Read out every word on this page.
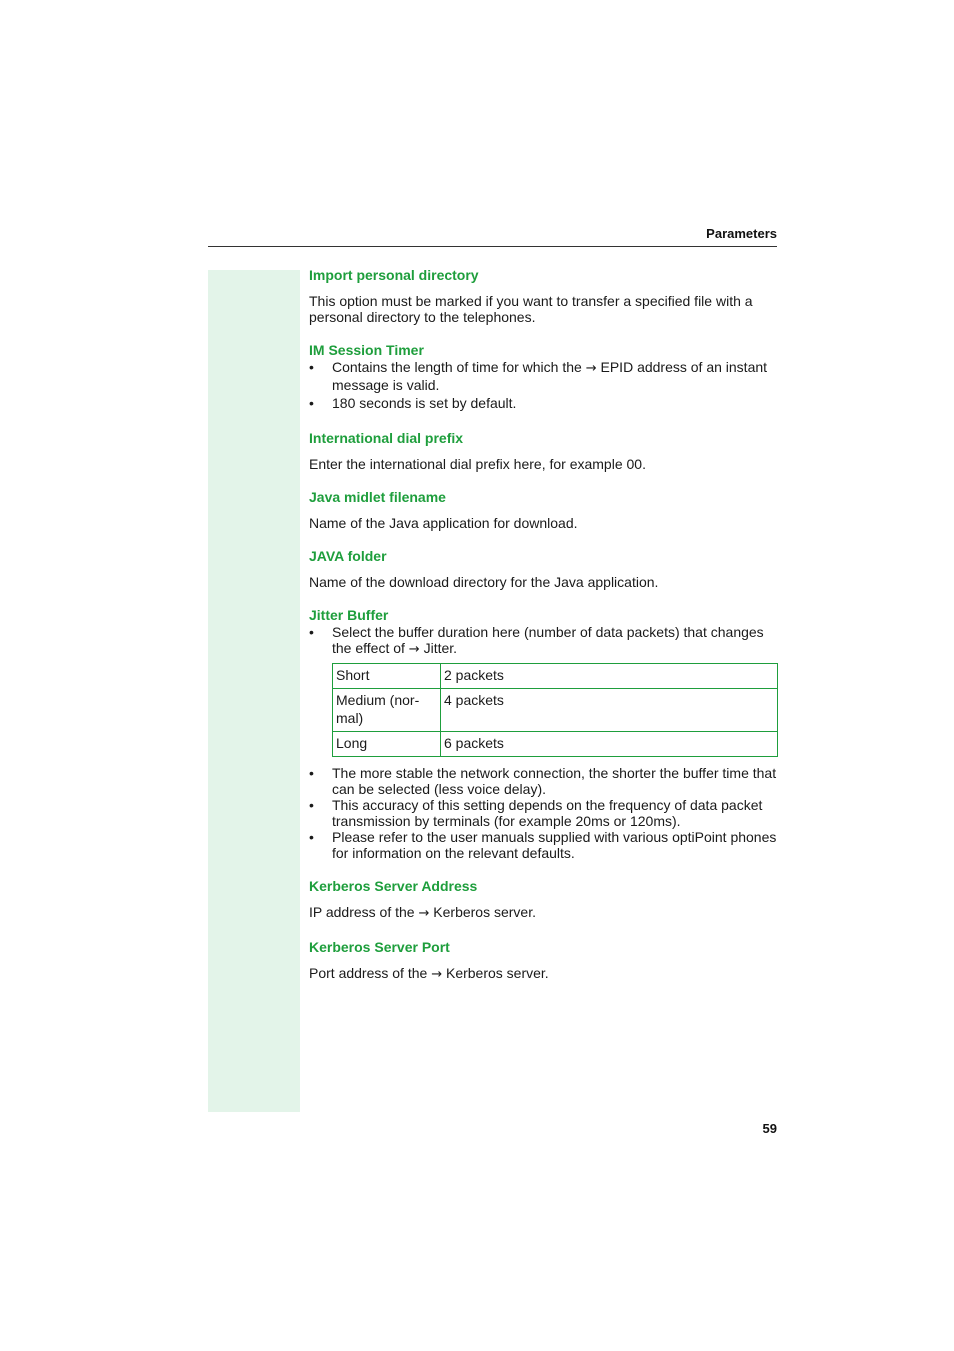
Parameters
Import personal directory

This option must be marked if you want to transfer a specified file with a personal directory to the telephones.

IM Session Timer
• Contains the length of time for which the → EPID address of an instant message is valid.
• 180 seconds is set by default.
International dial prefix

Enter the international dial prefix here, for example 00.

Java midlet filename

Name of the Java application for download.

JAVA folder

Name of the download directory for the Java application.

Jitter Buffer
• Select the buffer duration here (number of data packets) that changes the effect of → Jitter.
Short	2 packets
Medium (nor-
mal)	4 packets
Long	6 packets
• The more stable the network connection, the shorter the buffer time that can be selected (less voice delay).
• This accuracy of this setting depends on the frequency of data packet transmission by terminals (for example 20ms or 120ms).
• Please refer to the user manuals supplied with various optiPoint phones for information on the relevant defaults.
Kerberos Server Address

IP address of the → Kerberos server.

Kerberos Server Port

Port address of the → Kerberos server.

59
